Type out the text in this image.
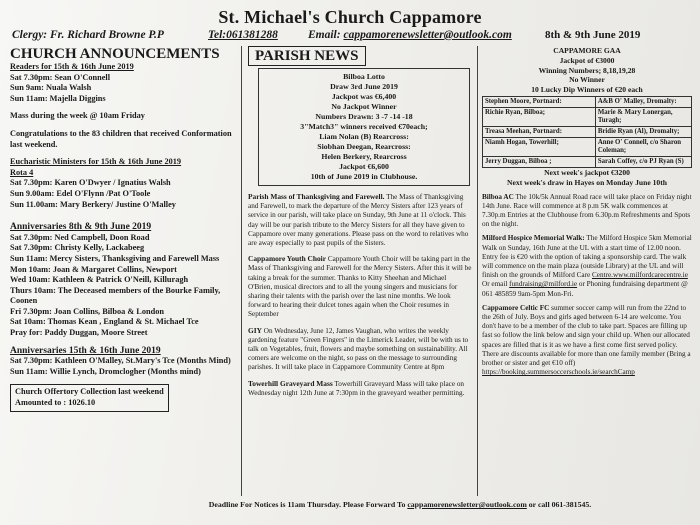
St. Michael's Church Cappamore
Clergy: Fr. Richard Browne P.P	Tel:061381288	Email: cappamorenewsletter@outlook.com	8th & 9th June 2019
CHURCH ANNOUNCEMENTS
Readers for 15th & 16th June 2019
Sat 7.30pm: Sean O'Connell
Sun 9am: Nuala Walsh
Sun 11am: Majella Diggins
Mass during the week @ 10am Friday
Congratulations to the 83 children that received Conformation last weekend.
Eucharistic Ministers for 15th & 16th June 2019
Rota 4
Sat 7.30pm: Karen O'Dwyer / Ignatius Walsh
Sun 9.00am: Edel O'Flynn /Pat O'Toole
Sun 11.00am: Mary Berkery/ Justine O'Malley
Anniversaries 8th & 9th June 2019
Sat 7.30pm: Ned Campbell, Doon Road
Sat 7.30pm: Christy Kelly, Lackabeeg
Sun 11am: Mercy Sisters, Thanksgiving and Farewell Mass
Mon 10am: Joan & Margaret Collins, Newport
Wed 10am: Kathleen & Patrick O'Neill, Killuragh
Thurs 10am: The Deceased members of the Bourke Family, Coonen
Fri 7.30pm: Joan Collins, Bilboa & London
Sat 10am: Thomas Kean , England & St. Michael Tce
Pray for: Paddy Duggan, Moore Street
Anniversaries 15th & 16th June 2019
Sat 7.30pm: Kathleen O'Malley, St.Mary's Tce (Months Mind)
Sun 11am: Willie Lynch, Dromclogher (Months mind)
Church Offertory Collection last weekend
Amounted to : 1026.10
PARISH NEWS
Bilboa Lotto
Draw 3rd June 2019
Jackpot was €6,400
No Jackpot Winner
Numbers Drawn: 3 -7 -14 -18
3"Match3" winners received €70each;
Liam Nolan (B) Rearcross:
Siobhan Deegan, Rearcross:
Helen Berkery, Rearcross
Jackpot €6,600
10th of June 2019 in Clubhouse.
Parish Mass of Thanksgiving and Farewell. The Mass of Thanksgiving and Farewell, to mark the departure of the Mercy Sisters after 123 years of service in our parish, will take place on Sunday, 9th June at 11 o'clock. This day will be our parish tribute to the Mercy Sisters for all they have given to Cappamore over many generations. Please pass on the word to relatives who are away especially to past pupils of the Sisters.
Cappamore Youth Choir Cappamore Youth Choir will be taking part in the Mass of Thanksgiving and Farewell for the Mercy Sisters. After this it will be taking a break for the summer. Thanks to Kitty Sheehan and Michael O'Brien, musical directors and to all the young singers and musicians for sharing their talents with the parish over the last nine months. We look forward to hearing their dulcet tones again when the Choir resumes in September
GIY On Wednesday, June 12, James Vaughan, who writes the weekly gardening feature "Green Fingers" in the Limerick Leader, will be with us to talk on Vegetables, fruit, flowers and maybe something on sustainability. All comers are welcome on the night, so pass on the message to surrounding parishes. It will take place in Cappamore Community Centre at 8pm
Towerhill Graveyard Mass Towerhill Graveyard Mass will take place on Wednesday night 12th June at 7:30pm in the graveyard weather permitting.
CAPPAMORE GAA
Jackpot of €3000
Winning Numbers; 8,18,19,28
No Winner
10 Lucky Dip Winners of €20 each
Stephen Moore, Portnard:	A&B O' Malley, Dromalty:
Richie Ryan, Bilboa;	Marie & Mary Lonergan, Turagh;
Treasa Meehan, Portnard:	Bridie Ryan (Al), Dromalty;
Niamh Hogan, Towerhill;	Anne O' Connell, c/o Sharon Coleman;
Jerry Duggan, Bilboa ;	Sarah Coffey, c/o PJ Ryan (S)
Next week's jackpot €3200
Next week's draw in Hayes on Monday June 10th
Bilboa AC The 10k/5k Annual Road race will take place on Friday night 14th June. Race will commence at 8 p.m 5K walk commences at 7.30p.m Entries at the Clubhouse from 6.30p.m Refreshments and Spots on the night.
Milford Hospice Memorial Walk: The Milford Hospice 5km Memorial Walk on Sunday, 16th June at the UL with a start time of 12.00 noon. Entry fee is €20 with the option of taking a sponsorship card. The walk will commence on the main plaza (outside Library) at the UL and will finish on the grounds of Milford Care Centre.www.milfordcarecentre.ie Or email fundraising@milford.ie or Phoning fundraising department @ 061 485859 9am-5pm Mon-Fri.
Cappamore Celtic FC summer soccer camp will run from the 22nd to the 26th of July. Boys and girls aged between 6-14 are welcome. You don't have to be a member of the club to take part. Spaces are filling up fast so follow the link below and sign your child up. When our allocated spaces are filled that is it as we have a first come first served policy. There are discounts available for more than one family member (Bring a brother or sister and get €10 off) https://booking.summersoccerschools.ie/searchCamp
Deadline For Notices is 11am Thursday. Please Forward To cappamorenewsletter@outlook.com or call 061-381545.
